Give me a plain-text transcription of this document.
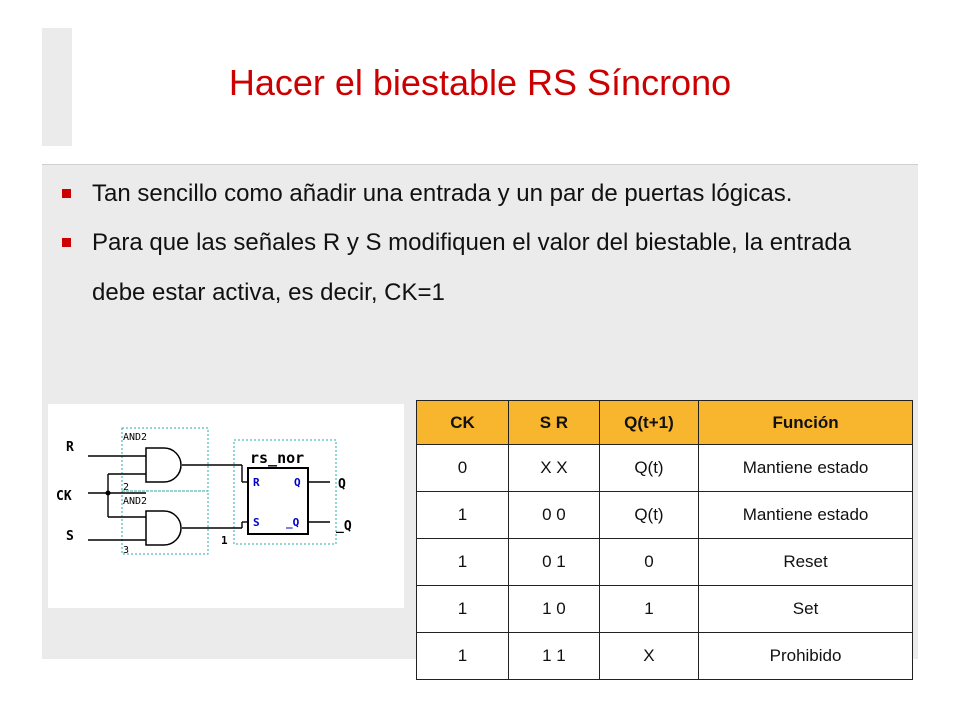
Hacer el biestable RS Síncrono
Tan sencillo como añadir una entrada y un par de puertas lógicas.
Para que las señales R y S modifiquen el valor del biestable, la entrada debe estar activa, es decir, CK=1
R
CK
S
AND2
AND2
2
3
rs_nor
R
S
Q
_Q
1
Q
_Q
CK	S R	Q(t+1)	Función
0	X X	Q(t)	Mantiene estado
1	0 0	Q(t)	Mantiene estado
1	0 1	0	Reset
1	1 0	1	Set
1	1 1	X	Prohibido
